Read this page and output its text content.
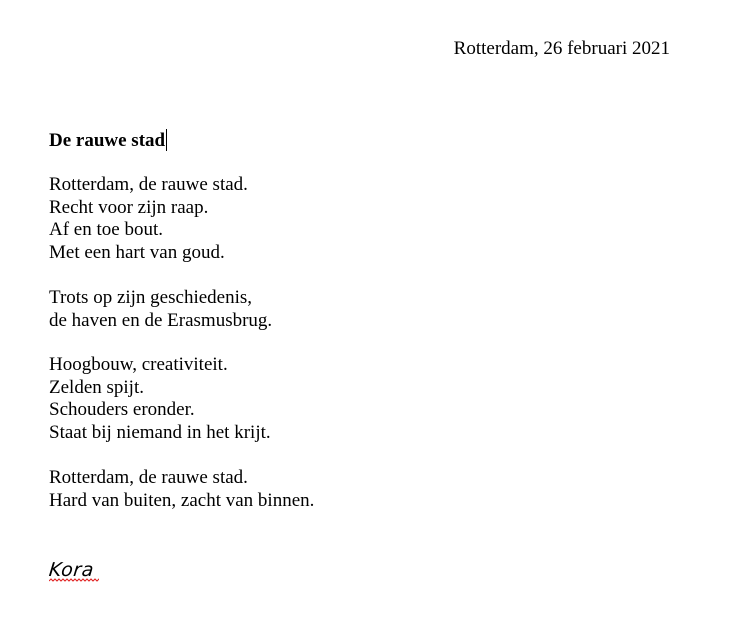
Rotterdam, 26 februari 2021
De rauwe stad
Rotterdam, de rauwe stad.
Recht voor zijn raap.
Af en toe bout.
Met een hart van goud.
Trots op zijn geschiedenis,
de haven en de Erasmusbrug.
Hoogbouw, creativiteit.
Zelden spijt.
Schouders eronder.
Staat bij niemand in het krijt.
Rotterdam, de rauwe stad.
Hard van buiten, zacht van binnen.
Kora
